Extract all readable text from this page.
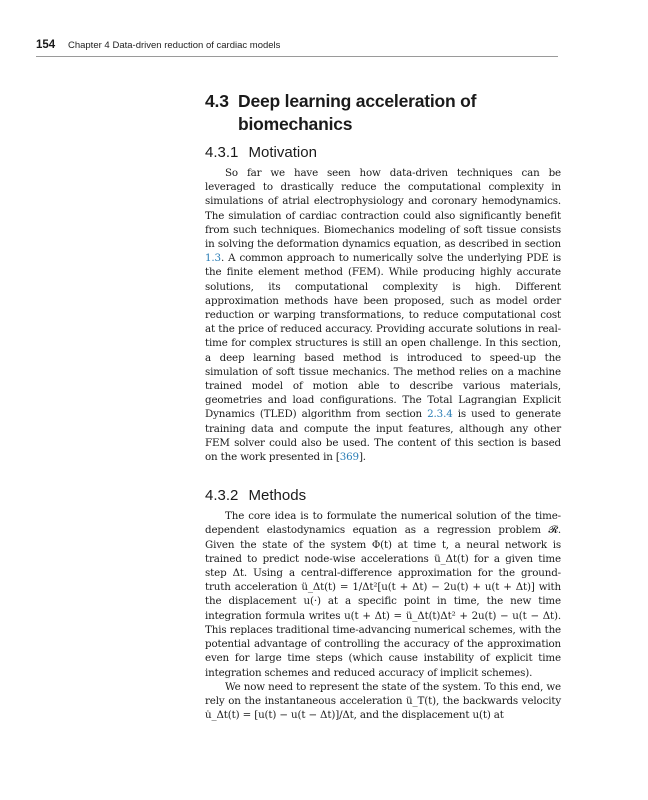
154 Chapter 4 Data-driven reduction of cardiac models
4.3 Deep learning acceleration of
biomechanics
4.3.1 Motivation

So far we have seen how data-driven techniques can be leveraged to drastically reduce the computational complexity in simulations of atrial electrophysiology and coronary hemodynamics. The simulation of cardiac contraction could also significantly benefit from such techniques. Biomechanics modeling of soft tissue consists in solving the deformation dynamics equation, as described in section 1.3. A common approach to numerically solve the underlying PDE is the finite element method (FEM). While producing highly accurate solutions, its computational complexity is high. Different approximation methods have been proposed, such as model order reduction or warping transformations, to reduce computational cost at the price of reduced accuracy. Providing accurate solutions in real-time for complex structures is still an open challenge. In this section, a deep learning based method is introduced to speed-up the simulation of soft tissue mechanics. The method relies on a machine trained model of motion able to describe various materials, geometries and load configurations. The Total Lagrangian Explicit Dynamics (TLED) algorithm from section 2.3.4 is used to generate training data and compute the input features, although any other FEM solver could also be used. The content of this section is based on the work presented in [369].

4.3.2 Methods

The core idea is to formulate the numerical solution of the time-dependent elastodynamics equation as a regression problem 𝓡. Given the state of the system Φ(t) at time t, a neural network is trained to predict node-wise accelerations ü_Δt(t) for a given time step Δt. Using a central-difference approximation for the ground-truth acceleration ü_Δt(t) = 1/Δt²[u(t + Δt) − 2u(t) + u(t + Δt)] with the displacement u(·) at a specific point in time, the new time integration formula writes u(t + Δt) = ü_Δt(t)Δt² + 2u(t) − u(t − Δt). This replaces traditional time-advancing numerical schemes, with the potential advantage of controlling the accuracy of the approximation even for large time steps (which cause instability of explicit time integration schemes and reduced accuracy of implicit schemes).

We now need to represent the state of the system. To this end, we rely on the instantaneous acceleration ü_T(t), the backwards velocity u̇_Δt(t) = [u(t) − u(t − Δt)]/Δt, and the displacement u(t) at
